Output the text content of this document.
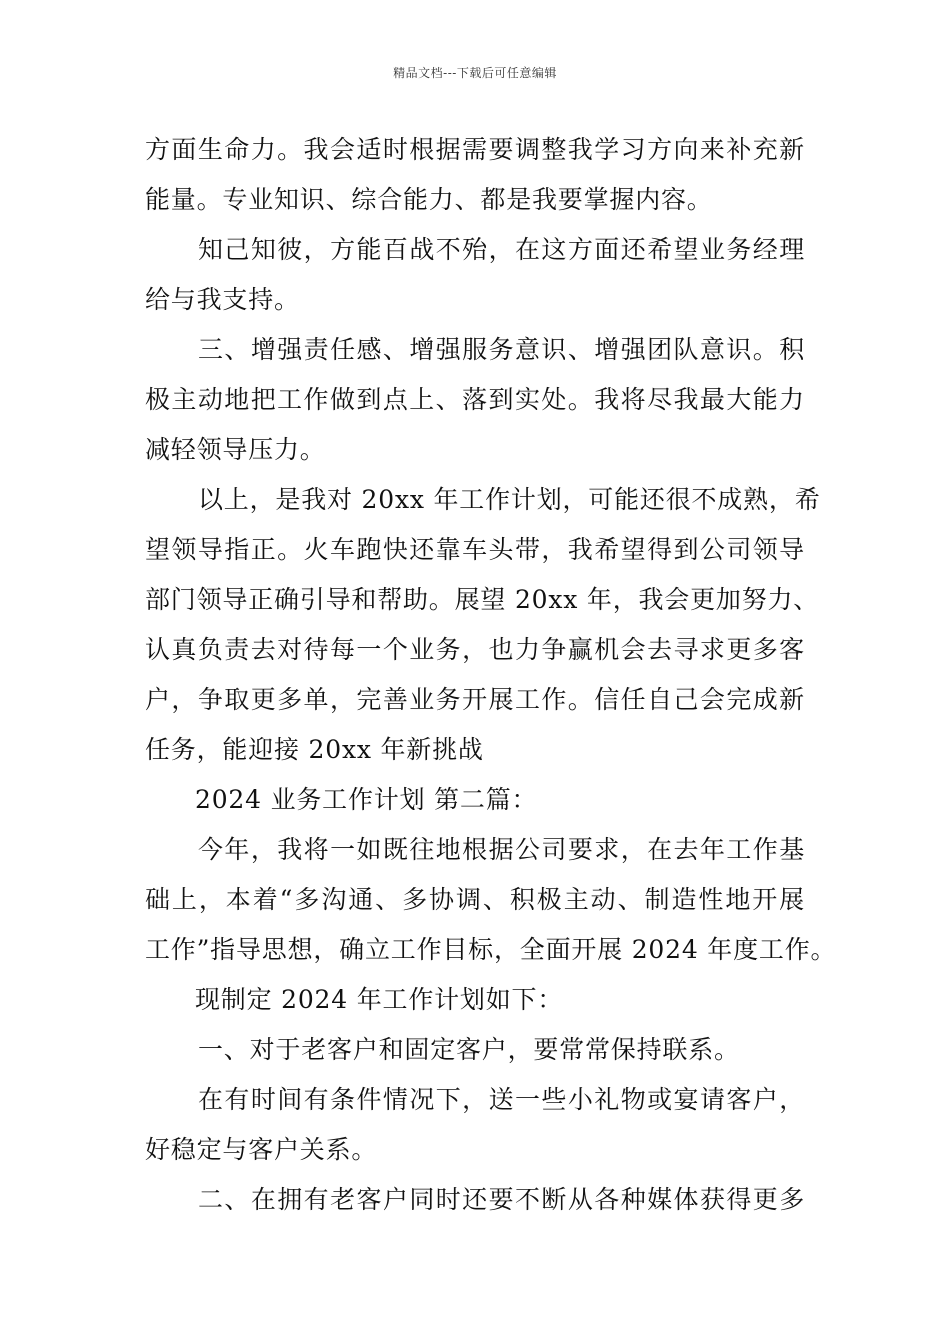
精品文档---下载后可任意编辑
方面生命力。我会适时根据需要调整我学习方向来补充新
能量。专业知识、综合能力、都是我要掌握内容。
知己知彼，方能百战不殆，在这方面还希望业务经理
给与我支持。
三、增强责任感、增强服务意识、增强团队意识。积
极主动地把工作做到点上、落到实处。我将尽我最大能力
减轻领导压力。
以上，是我对 20xx 年工作计划，可能还很不成熟，希
望领导指正。火车跑快还靠车头带，我希望得到公司领导
部门领导正确引导和帮助。展望 20xx 年，我会更加努力、
认真负责去对待每一个业务，也力争赢机会去寻求更多客
户，争取更多单，完善业务开展工作。信任自己会完成新
任务，能迎接 20xx 年新挑战
2024 业务工作计划 第二篇：
今年，我将一如既往地根据公司要求，在去年工作基
础上，本着“多沟通、多协调、积极主动、制造性地开展
工作”指导思想，确立工作目标，全面开展 2024 年度工作。
现制定 2024 年工作计划如下：
一、对于老客户和固定客户，要常常保持联系。
在有时间有条件情况下，送一些小礼物或宴请客户，
好稳定与客户关系。
二、在拥有老客户同时还要不断从各种媒体获得更多
